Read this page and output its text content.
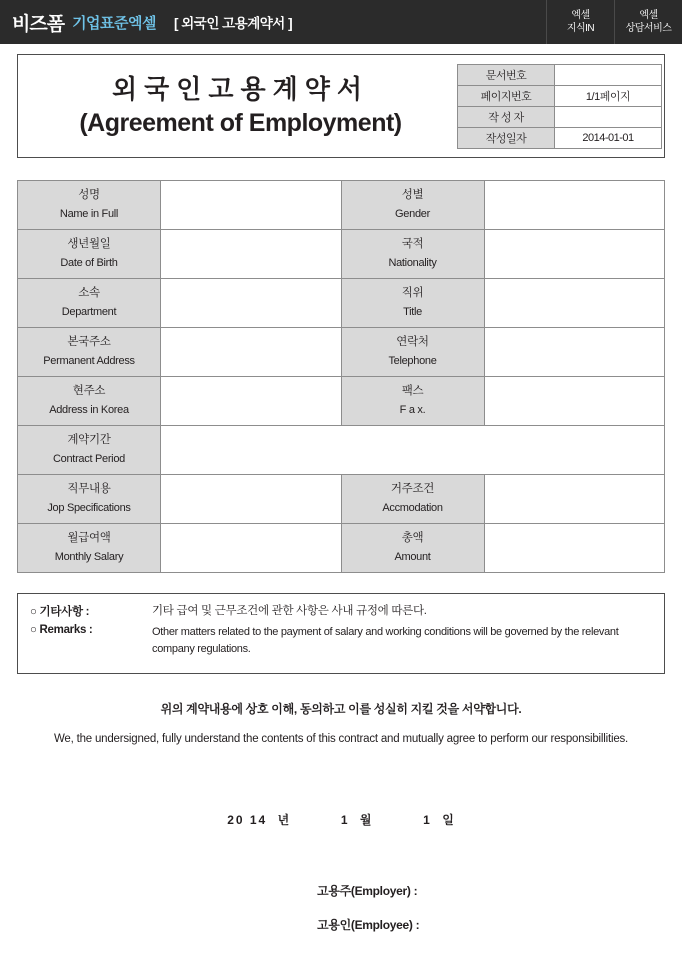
비즈폼 기업표준엑셀 [ 외국인 고용계약서 ]
엑셀
지식IN
엑셀
상담서비스
외국인고용계약서
(Agreement of Employment)
문서번호	
페이지번호	1/1페이지
작 성 자	
작성일자	2014-01-01
성명
Name in Full		성별
Gender	

생년월일
Date of Birth		국적
Nationality	

소속
Department		직위
Title	

본국주소
Permanent Address		연락처
Telephone	

현주소
Address in Korea		팩스
F a x.	

계약기간
Contract Period			

직무내용
Jop Specifications		거주조건
Accmodation	

월급여액
Monthly Salary		총액
Amount	

○ 기타사항 :	기타 급여 및 근무조건에 관한 사항은 사내 규정에 따른다.
○ Remarks :	Other matters related to the payment of salary and working conditions will be governed by the relevant company regulations.
위의 계약내용에 상호 이해, 동의하고 이를 성실히 지킬 것을 서약합니다.
We, the undersigned, fully understand the contents of this contract and mutually agree to perform our responsibillities.
20 14 년	1 월	1 일
고용주(Employer) :
고용인(Employee) :
